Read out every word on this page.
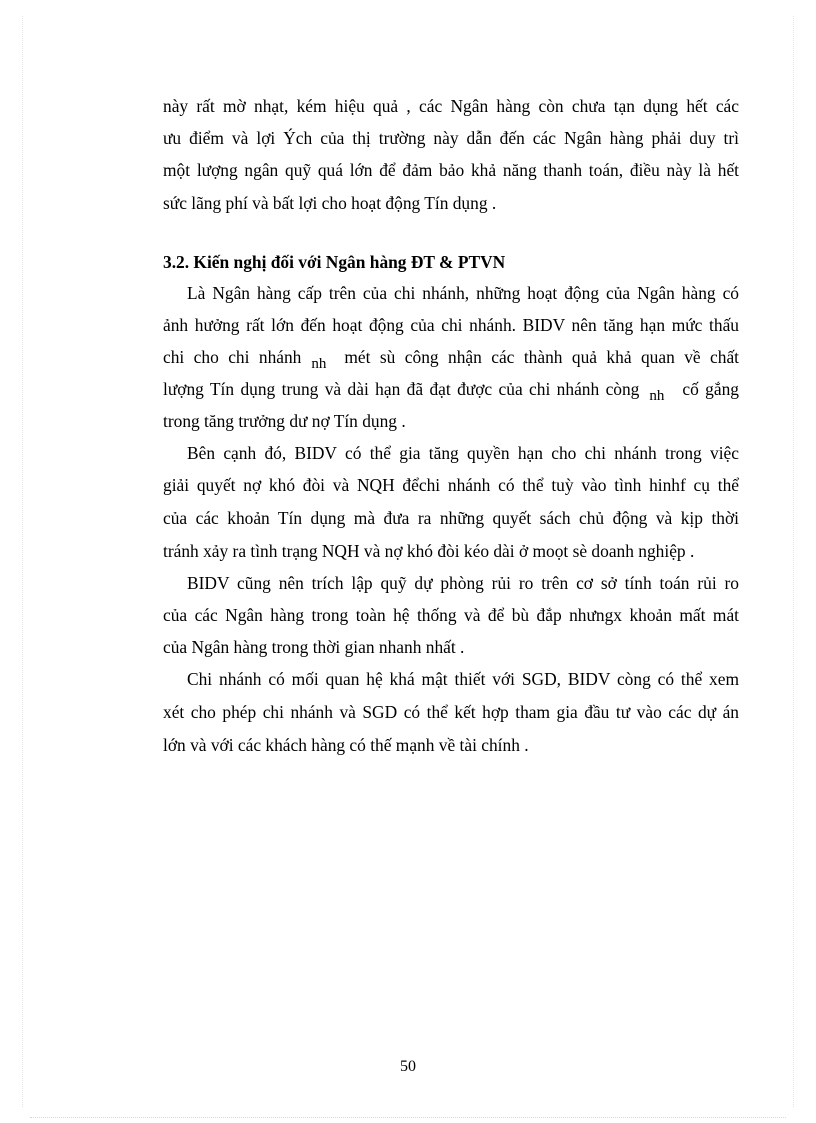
này rất mờ nhạt, kém hiệu quả , các Ngân hàng còn chưa tạn dụng hết các
ưu điểm và lợi Ých của thị trường này dẫn đến các Ngân hàng phải duy trì
một lượng ngân quỹ quá lớn để đảm bảo khả năng thanh toán, điều này là hết
sức lãng phí và bất lợi cho hoạt động Tín dụng .
3.2. Kiến nghị đối với Ngân hàng ĐT & PTVN
Là Ngân hàng cấp trên của chi nhánh, những hoạt động của Ngân hàng có
ảnh hưởng rất lớn đến hoạt động của chi nhánh. BIDV nên tăng hạn mức thấu
chi cho chi nhánh nh mét sù công nhận các thành quả khả quan về chất
lượng Tín dụng trung và dài hạn đã đạt được của chi nhánh còng nh cố gắng
trong tăng trưởng dư nợ Tín dụng .
Bên cạnh đó, BIDV có thể gia tăng quyền hạn cho chi nhánh trong việc
giải quyết nợ khó đòi và NQH đểchi nhánh có thể tuỳ vào tình hinhf cụ thể
của các khoản Tín dụng mà đưa ra những quyết sách chủ động và kịp thời
tránh xảy ra tình trạng NQH và nợ khó đòi kéo dài ở moọt sè doanh nghiệp .
BIDV cũng nên trích lập quỹ dự phòng rủi ro trên cơ sở tính toán rủi ro
của các Ngân hàng trong toàn hệ thống và để bù đắp nhưngx khoản mất mát
của Ngân hàng trong thời gian nhanh nhất .
Chi nhánh có mối quan hệ khá mật thiết với SGD, BIDV còng có thể xem
xét cho phép chi nhánh và SGD có thể kết hợp tham gia đầu tư vào các dự án
lớn và với các khách hàng có thế mạnh về tài chính .
50
